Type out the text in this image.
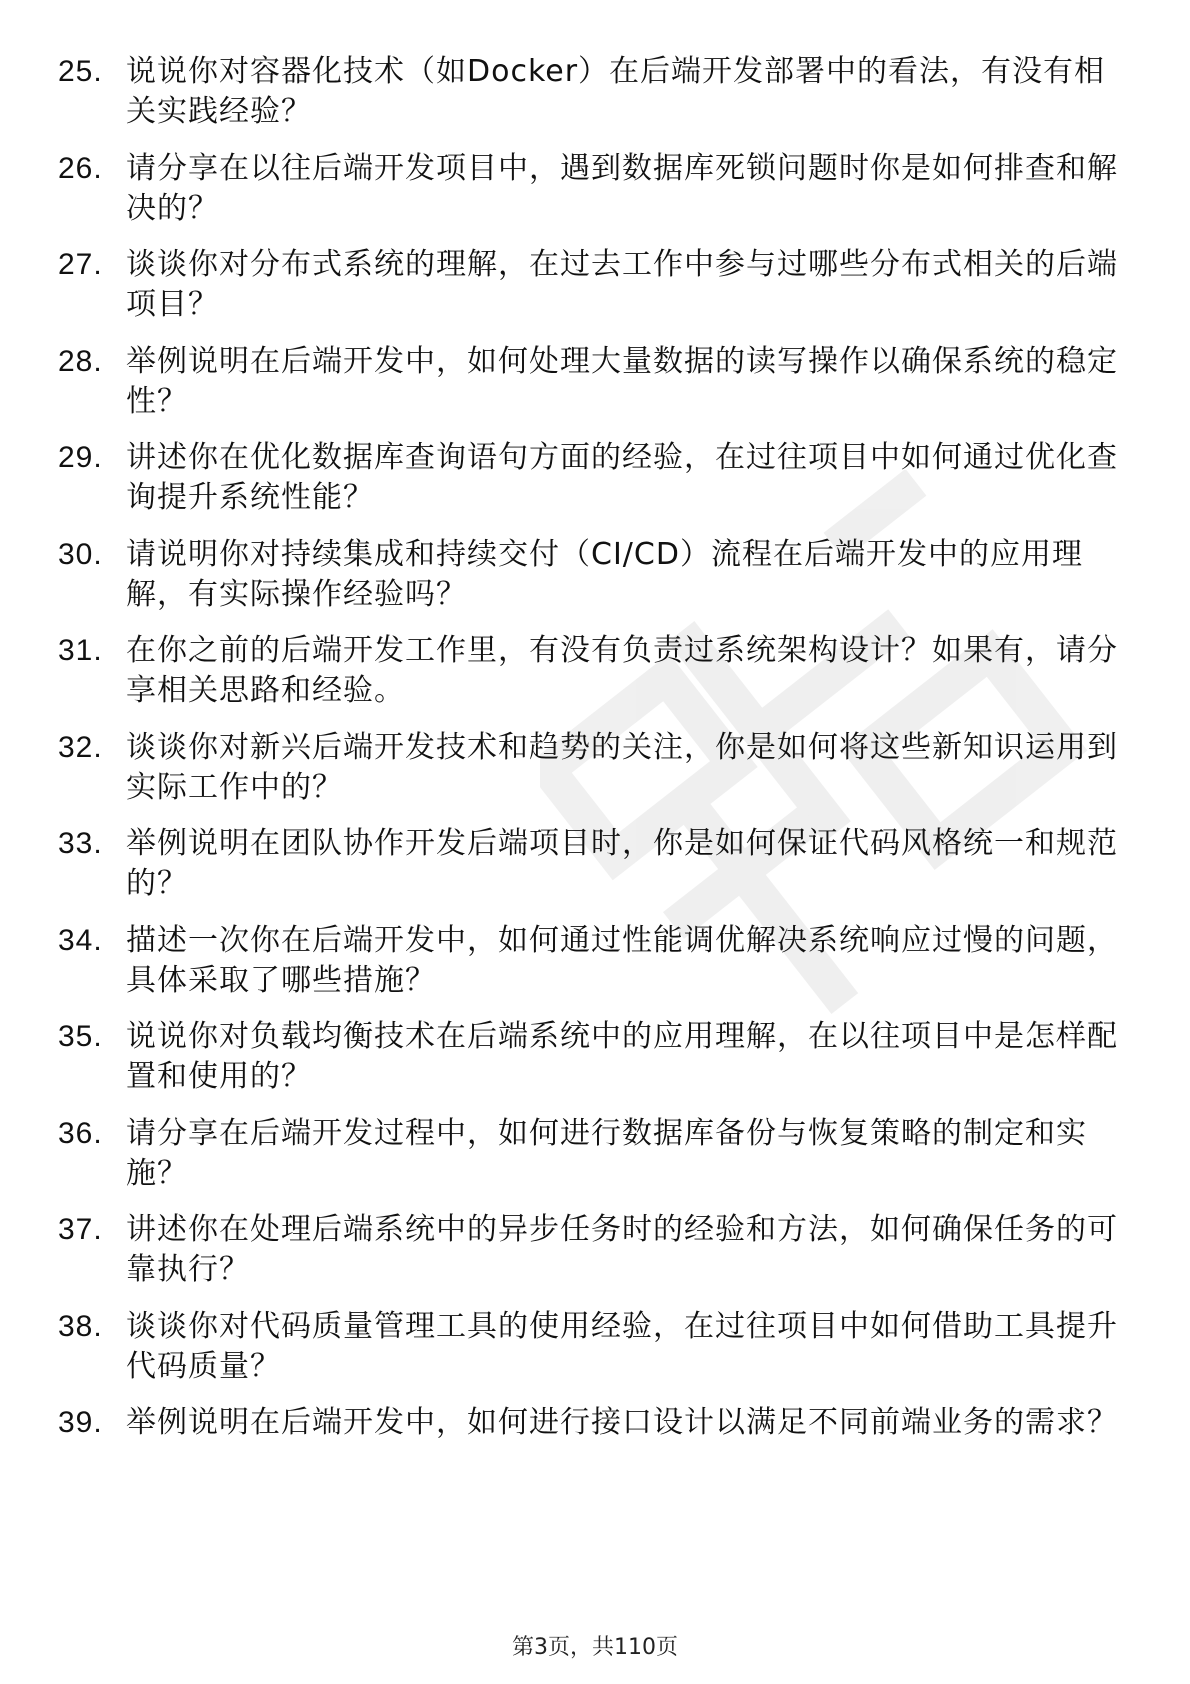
25. 说说你对容器化技术（如Docker）在后端开发部署中的看法，有没有相关实践经验？
26. 请分享在以往后端开发项目中，遇到数据库死锁问题时你是如何排查和解决的？
27. 谈谈你对分布式系统的理解，在过去工作中参与过哪些分布式相关的后端项目？
28. 举例说明在后端开发中，如何处理大量数据的读写操作以确保系统的稳定性？
29. 讲述你在优化数据库查询语句方面的经验，在过往项目中如何通过优化查询提升系统性能？
30. 请说明你对持续集成和持续交付（CI/CD）流程在后端开发中的应用理解，有实际操作经验吗？
31. 在你之前的后端开发工作里，有没有负责过系统架构设计？如果有，请分享相关思路和经验。
32. 谈谈你对新兴后端开发技术和趋势的关注，你是如何将这些新知识运用到实际工作中的？
33. 举例说明在团队协作开发后端项目时，你是如何保证代码风格统一和规范的？
34. 描述一次你在后端开发中，如何通过性能调优解决系统响应过慢的问题，具体采取了哪些措施？
35. 说说你对负载均衡技术在后端系统中的应用理解，在以往项目中是怎样配置和使用的？
36. 请分享在后端开发过程中，如何进行数据库备份与恢复策略的制定和实施？
37. 讲述你在处理后端系统中的异步任务时的经验和方法，如何确保任务的可靠执行？
38. 谈谈你对代码质量管理工具的使用经验，在过往项目中如何借助工具提升代码质量？
39. 举例说明在后端开发中，如何进行接口设计以满足不同前端业务的需求？
第3页，共110页
